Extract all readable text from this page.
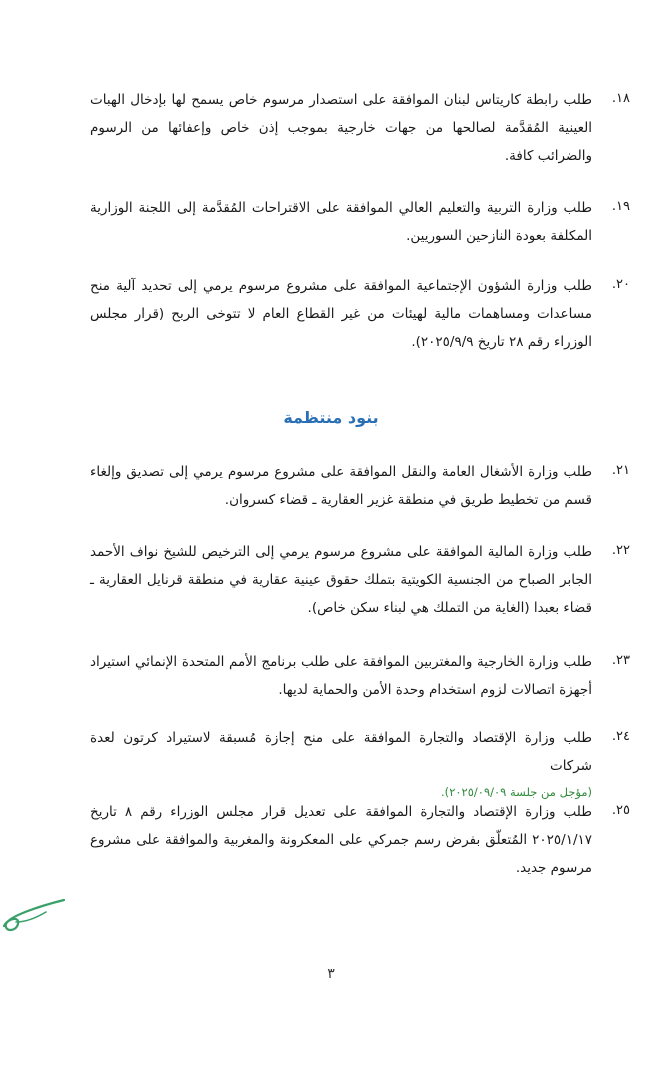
١٨.
طلب رابطة كاريتاس لبنان الموافقة على استصدار مرسوم خاص يسمح لها بإدخال الهبات العينية المُقدَّمة لصالحها من جهات خارجية بموجب إذن خاص وإعفائها من الرسوم والضرائب كافة.
١٩.
طلب وزارة التربية والتعليم العالي الموافقة على الاقتراحات المُقدَّمة إلى اللجنة الوزارية المكلفة بعودة النازحين السوريين.
٢٠.
طلب وزارة الشؤون الإجتماعية الموافقة على مشروع مرسوم يرمي إلى تحديد آلية منح مساعدات ومساهمات مالية لهيئات من غير القطاع العام لا تتوخى الربح (قرار مجلس الوزراء رقم ٢٨ تاريخ ٢٠٢٥/٩/٩).
بنود منتظمة
٢١.
طلب وزارة الأشغال العامة والنقل الموافقة على مشروع مرسوم يرمي إلى تصديق وإلغاء قسم من تخطيط طريق في منطقة غزير العقارية ـ قضاء كسروان.
٢٢.
طلب وزارة المالية الموافقة على مشروع مرسوم يرمي إلى الترخيص للشيخ نواف الأحمد الجابر الصباح من الجنسية الكويتية بتملك حقوق عينية عقارية في منطقة قرنايل العقارية ـ قضاء بعبدا (الغاية من التملك هي لبناء سكن خاص).
٢٣.
طلب وزارة الخارجية والمغتربين الموافقة على طلب برنامج الأمم المتحدة الإنمائي استيراد أجهزة اتصالات لزوم استخدام وحدة الأمن والحماية لديها.
٢٤.
طلب وزارة الإقتصاد والتجارة الموافقة على منح إجازة مُسبقة لاستيراد كرتون لعدة شركات
(مؤجل من جلسة ٢٠٢٥/٠٩/٠٩).
٢٥.
طلب وزارة الإقتصاد والتجارة الموافقة على تعديل قرار مجلس الوزراء رقم ٨ تاريخ ٢٠٢٥/١/١٧ المُتعلّق بفرض رسم جمركي على المعكرونة والمغربية والموافقة على مشروع مرسوم جديد.
٣
